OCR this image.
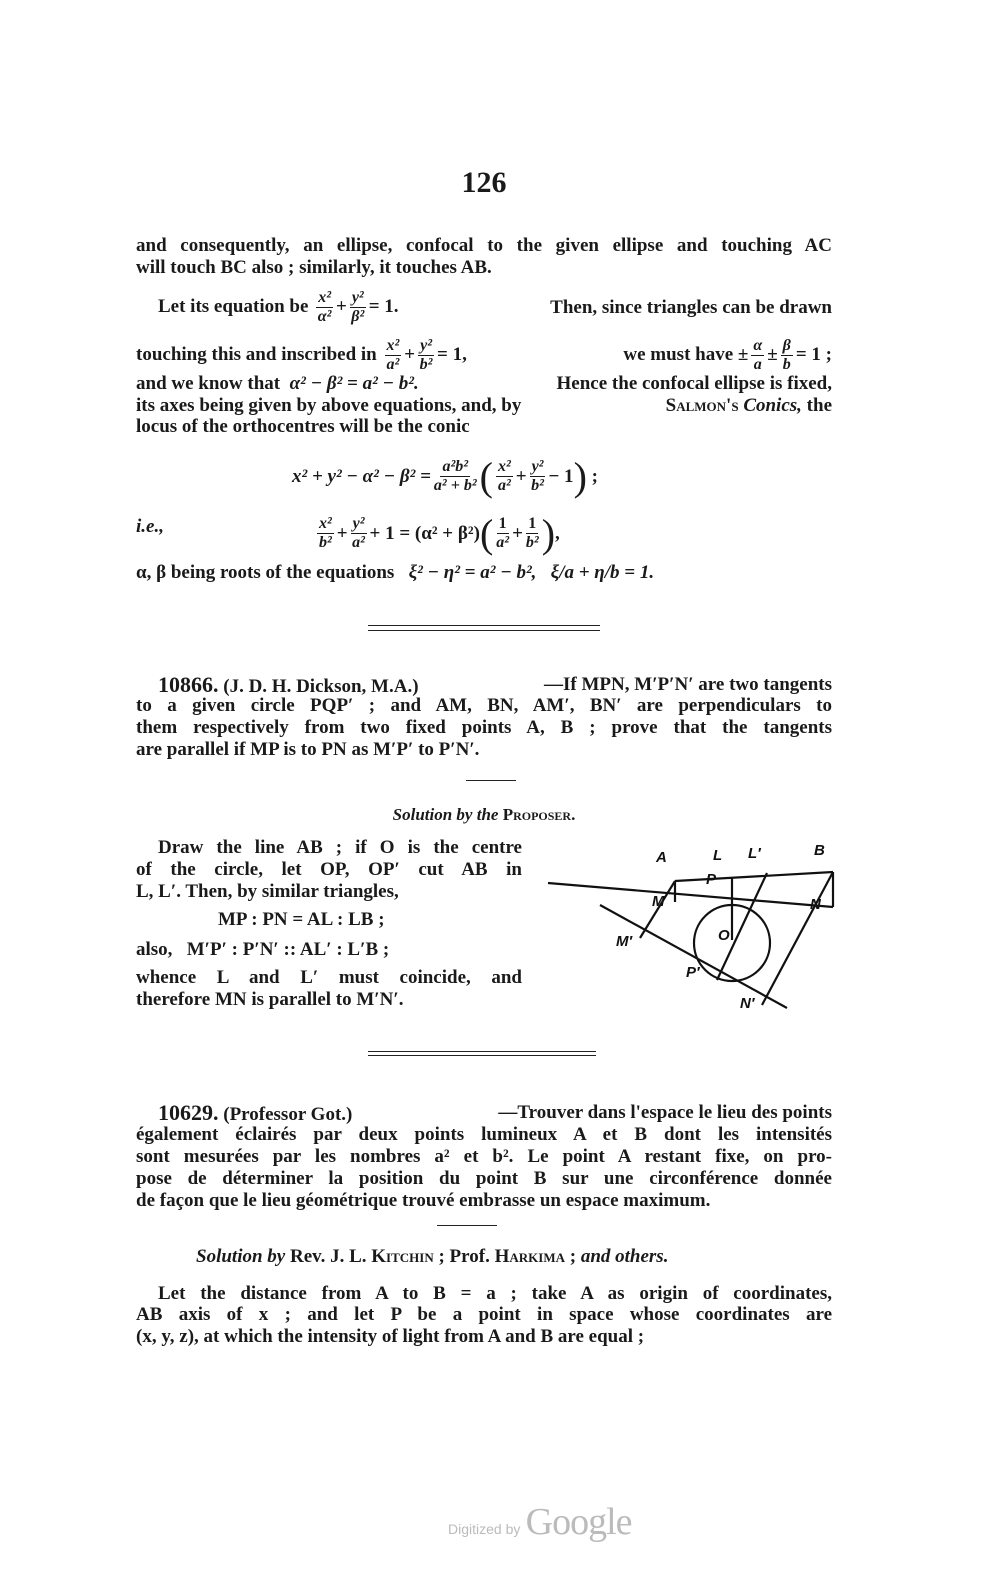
126
and consequently, an ellipse, confocal to the given ellipse and touching AC
will touch BC also ; similarly, it touches AB.
Let its equation be $\frac{\text{x²}}{\text{α²}} + \frac{\text{y²}}{\text{β²}} = 1$.	Then, since triangles can be drawn
touching this and inscribed in $\frac{\text{x²}}{\text{a²}} + \frac{\text{y²}}{\text{b²}} = 1$,	we must have ± $\frac{\alpha}{a} \pm \frac{\beta}{b} = 1$ ;
and we know that α² − β² = a² − b².	Hence the confocal ellipse is fixed,
its axes being given by above equations, and, by	Salmon's Conics, the
locus of the orthocentres will be the conic
$x^2 + y^2 - \alpha^2 - \beta^2 = \frac{\text{a²b²}}{\text{a² + b²}}$ ( $\frac{\text{x²}}{\text{a²}} + \frac{\text{y²}}{\text{b²}} - 1$ )
;
i.e.,	$\frac{\text{x²}}{\text{b²}} + \frac{\text{y²}}{\text{a²}} + 1 = (\alpha^2 + \beta^2)$ ( $\frac{1}{\text{a²}} + \frac{1}{\text{b²}}$ ) ,
α, β being roots of the equations ξ² − η² = a² − b²,   ξ/a + η/b = 1.
10866. (J. D. H. Dickson, M.A.)	—If MPN, M′P′N′ are two tangents
to a given circle PQP′ ; and AM, BN, AM′, BN′ are perpendiculars to
them respectively from two fixed points A, B ; prove that the tangents
are parallel if MP is to PN as M′P′ to P′N′.
Solution by the Proposer.
Draw the line AB ; if O is the centre
of the circle, let OP, OP′ cut AB in
L, L′. Then, by similar triangles,
MP : PN = AL : LB ;
also, M′P′ : P′N′ :: AL′ : L′B ;
whence L and L′ must coincide, and
therefore MN is parallel to M′N′.
A	L L′	B
P
M	N
M′	O
P′
N′
10629. (Professor Got.)	—Trouver dans l'espace le lieu des points
également éclairés par deux points lumineux A et B dont les intensités
sont mesurées par les nombres a² et b². Le point A restant fixe, on pro-
pose de déterminer la position du point B sur une circonférence donnée
de façon que le lieu géométrique trouvé embrasse un espace maximum.
Solution by Rev. J. L. Kitchin ; Prof. Harkima ; and others.
Let the distance from A to B = a ; take A as origin of coordinates,
AB axis of x ; and let P be a point in space whose coordinates are
(x, y, z), at which the intensity of light from A and B are equal ;
Digitized by Google
